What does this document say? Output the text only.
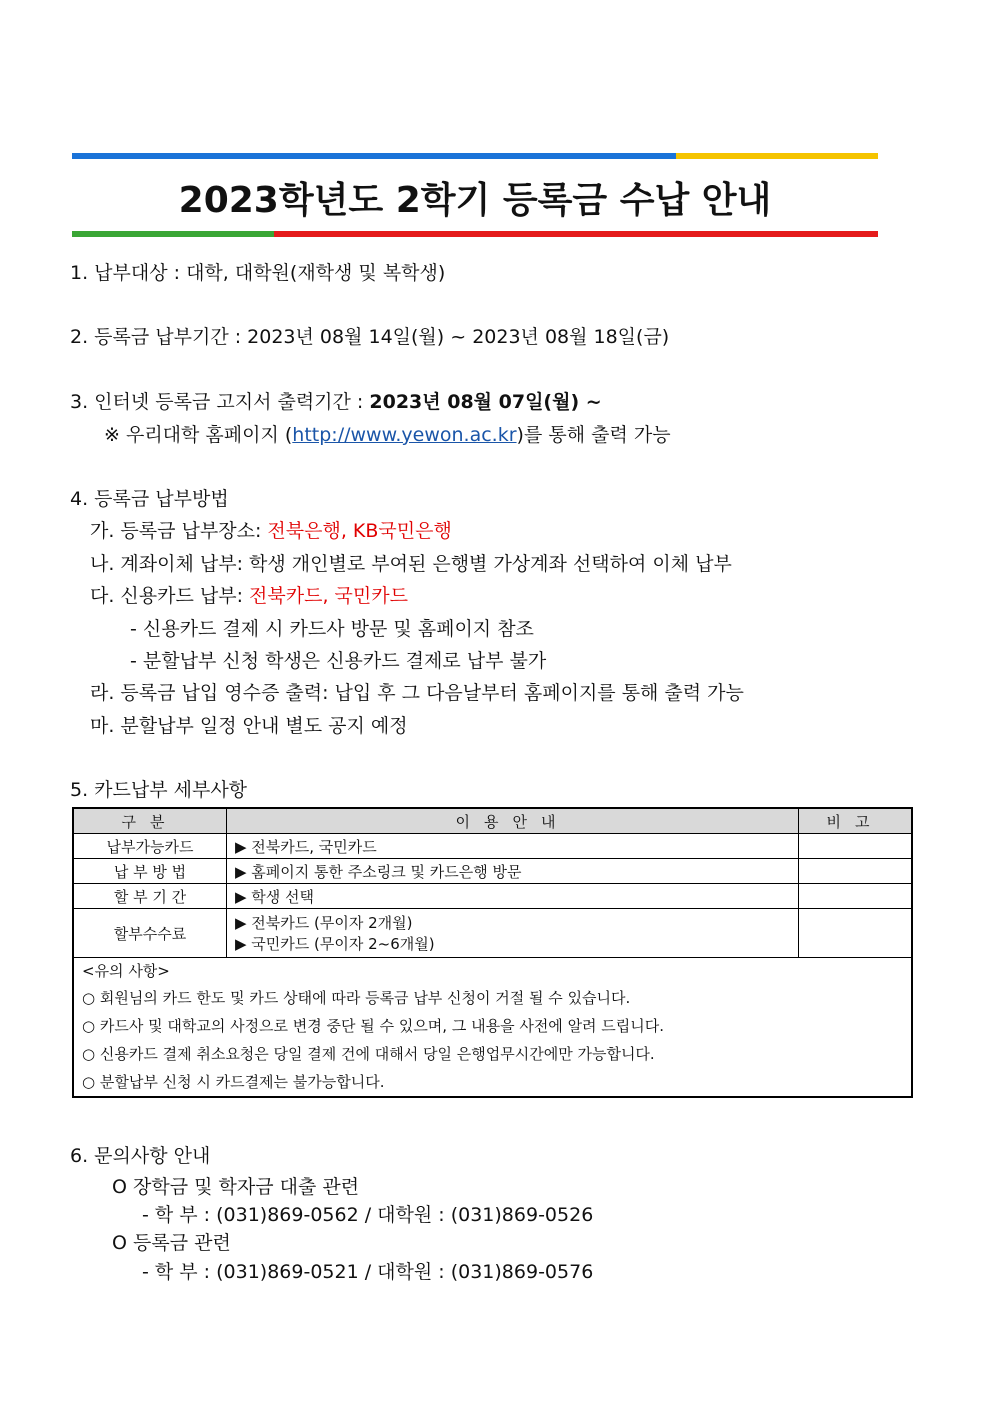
2023학년도 2학기 등록금 수납 안내
1. 납부대상 : 대학, 대학원(재학생 및 복학생)
2. 등록금 납부기간 : 2023년 08월 14일(월) ~ 2023년 08월 18일(금)
3. 인터넷 등록금 고지서 출력기간 : 2023년 08월 07일(월) ~
※ 우리대학 홈페이지 (http://www.yewon.ac.kr)를 통해 출력 가능
4. 등록금 납부방법
가. 등록금 납부장소: 전북은행, KB국민은행
나. 계좌이체 납부: 학생 개인별로 부여된 은행별 가상계좌 선택하여 이체 납부
다. 신용카드 납부: 전북카드, 국민카드
- 신용카드 결제 시 카드사 방문 및 홈페이지 참조
- 분할납부 신청 학생은 신용카드 결제로 납부 불가
라. 등록금 납입 영수증 출력: 납입 후 그 다음날부터 홈페이지를 통해 출력 가능
마. 분할납부 일정 안내 별도 공지 예정
5. 카드납부 세부사항
구분	이용안내	비고
납부가능카드	▶ 전북카드, 국민카드	
납 부 방 법	▶ 홈페이지 통한 주소링크 및 카드은행 방문	
할 부 기 간	▶ 학생 선택	
할부수수료	▶ 전북카드 (무이자 2개월)
▶ 국민카드 (무이자 2~6개월)	

<유의 사항>
○ 회원님의 카드 한도 및 카드 상태에 따라 등록금 납부 신청이 거절 될 수 있습니다.
○ 카드사 및 대학교의 사정으로 변경 중단 될 수 있으며, 그 내용을 사전에 알려 드립니다.
○ 신용카드 결제 취소요청은 당일 결제 건에 대해서 당일 은행업무시간에만 가능합니다.
○ 분할납부 신청 시 카드결제는 불가능합니다.		
6. 문의사항 안내
O 장학금 및 학자금 대출 관련
- 학 부 : (031)869-0562 / 대학원 : (031)869-0526
O 등록금 관련
- 학 부 : (031)869-0521 / 대학원 : (031)869-0576
